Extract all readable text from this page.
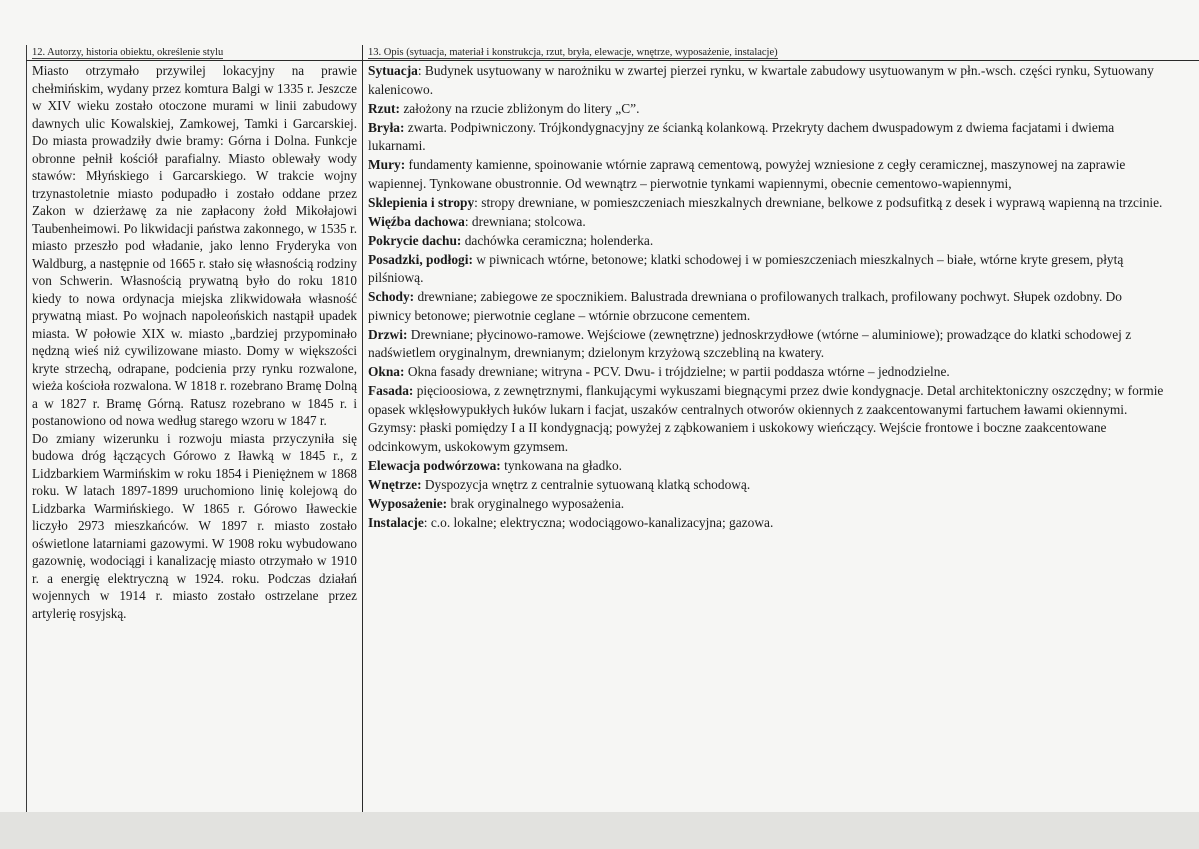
12. Autorzy, historia obiektu, określenie stylu	13. Opis (sytuacja, materiał i konstrukcja, rzut, bryła, elewacje, wnętrze, wyposażenie, instalacje)

Miasto otrzymało przywilej lokacyjny na prawie chełmińskim, wydany przez komtura Balgi w 1335 r. Jeszcze w XIV wieku zostało otoczone murami w linii zabudowy dawnych ulic Kowalskiej, Zamkowej, Tamki i Garcarskiej. Do miasta prowadziły dwie bramy: Górna i Dolna. Funkcje obronne pełnił kościół parafialny. Miasto oblewały wody stawów: Młyńskiego i Garcarskiego. W trakcie wojny trzynastoletnie miasto podupadło i zostało oddane przez Zakon w dzierżawę za nie zapłacony żołd Mikołajowi Taubenheimowi. Po likwidacji państwa zakonnego, w 1535 r. miasto przeszło pod władanie, jako lenno Fryderyka von Waldburg, a następnie od 1665 r. stało się własnością rodziny von Schwerin. Własnością prywatną było do roku 1810 kiedy to nowa ordynacja miejska zlikwidowała własność prywatną miast. Po wojnach napoleońskich nastąpił upadek miasta. W połowie XIX w. miasto „bardziej przypominało nędzną wieś niż cywilizowane miasto. Domy w większości kryte strzechą, odrapane, podcienia przy rynku rozwalone, wieża kościoła rozwalona. W 1818 r. rozebrano Bramę Dolną a w 1827 r. Bramę Górną. Ratusz rozebrano w 1845 r. i postanowiono od nowa według starego wzoru w 1847 r.

Do zmiany wizerunku i rozwoju miasta przyczyniła się budowa dróg łączących Górowo z Iławką w 1845 r., z Lidzbarkiem Warmińskim w roku 1854 i Pieniężnem w 1868 roku. W latach 1897-1899 uruchomiono linię kolejową do Lidzbarka Warmińskiego. W 1865 r. Górowo Iławeckie liczyło 2973 mieszkańców. W 1897 r. miasto zostało oświetlone latarniami gazowymi. W 1908 roku wybudowano gazownię, wodociągi i kanalizację miasto otrzymało w 1910 r. a energię elektryczną w 1924. roku. Podczas działań wojennych w 1914 r. miasto zostało ostrzelane przez artylerię rosyjską.

Sytuacja: Budynek usytuowany w narożniku w zwartej pierzei rynku, w kwartale zabudowy usytuowanym w płn.-wsch. części rynku, Sytuowany kalenicowo.

Rzut: założony na rzucie zbliżonym do litery „C”.

Bryła: zwarta. Podpiwniczony. Trójkondygnacyjny ze ścianką kolankową. Przekryty dachem dwuspadowym z dwiema facjatami i dwiema lukarnami.

Mury: fundamenty kamienne, spoinowanie wtórnie zaprawą cementową, powyżej wzniesione z cegły ceramicznej, maszynowej na zaprawie wapiennej. Tynkowane obustronnie. Od wewnątrz – pierwotnie tynkami wapiennymi, obecnie cementowo-wapiennymi,

Sklepienia i stropy: stropy drewniane, w pomieszczeniach mieszkalnych drewniane, belkowe z podsufitką z desek i wyprawą wapienną na trzcinie.

Więźba dachowa: drewniana; stolcowa.

Pokrycie dachu: dachówka ceramiczna; holenderka.

Posadzki, podłogi: w piwnicach wtórne, betonowe; klatki schodowej i w pomieszczeniach mieszkalnych – białe, wtórne kryte gresem, płytą pilśniową.

Schody: drewniane; zabiegowe ze spocznikiem. Balustrada drewniana o profilowanych tralkach, profilowany pochwyt. Słupek ozdobny. Do piwnicy betonowe; pierwotnie ceglane – wtórnie obrzucone cementem.

Drzwi: Drewniane; płycinowo-ramowe. Wejściowe (zewnętrzne) jednoskrzydłowe (wtórne – aluminiowe); prowadzące do klatki schodowej z nadświetlem oryginalnym, drewnianym; dzielonym krzyżową szczebliną na kwatery.

Okna: Okna fasady drewniane; witryna - PCV. Dwu- i trójdzielne; w partii poddasza wtórne – jednodzielne.

Fasada: pięcioosiowa, z zewnętrznymi, flankującymi wykuszami biegnącymi przez dwie kondygnacje. Detal architektoniczny oszczędny; w formie opasek wklęsłowypukłych łuków lukarn i facjat, uszaków centralnych otworów okiennych z zaakcentowanymi fartuchem ławami okiennymi. Gzymsy: płaski pomiędzy I a II kondygnacją; powyżej z ząbkowaniem i uskokowy wieńczący. Wejście frontowe i boczne zaakcentowane odcinkowym, uskokowym gzymsem.

Elewacja podwórzowa: tynkowana na gładko.

Wnętrze: Dyspozycja wnętrz z centralnie sytuowaną klatką schodową.

Wyposażenie: brak oryginalnego wyposażenia.

Instalacje: c.o. lokalne; elektryczna; wodociągowo-kanalizacyjna; gazowa.
